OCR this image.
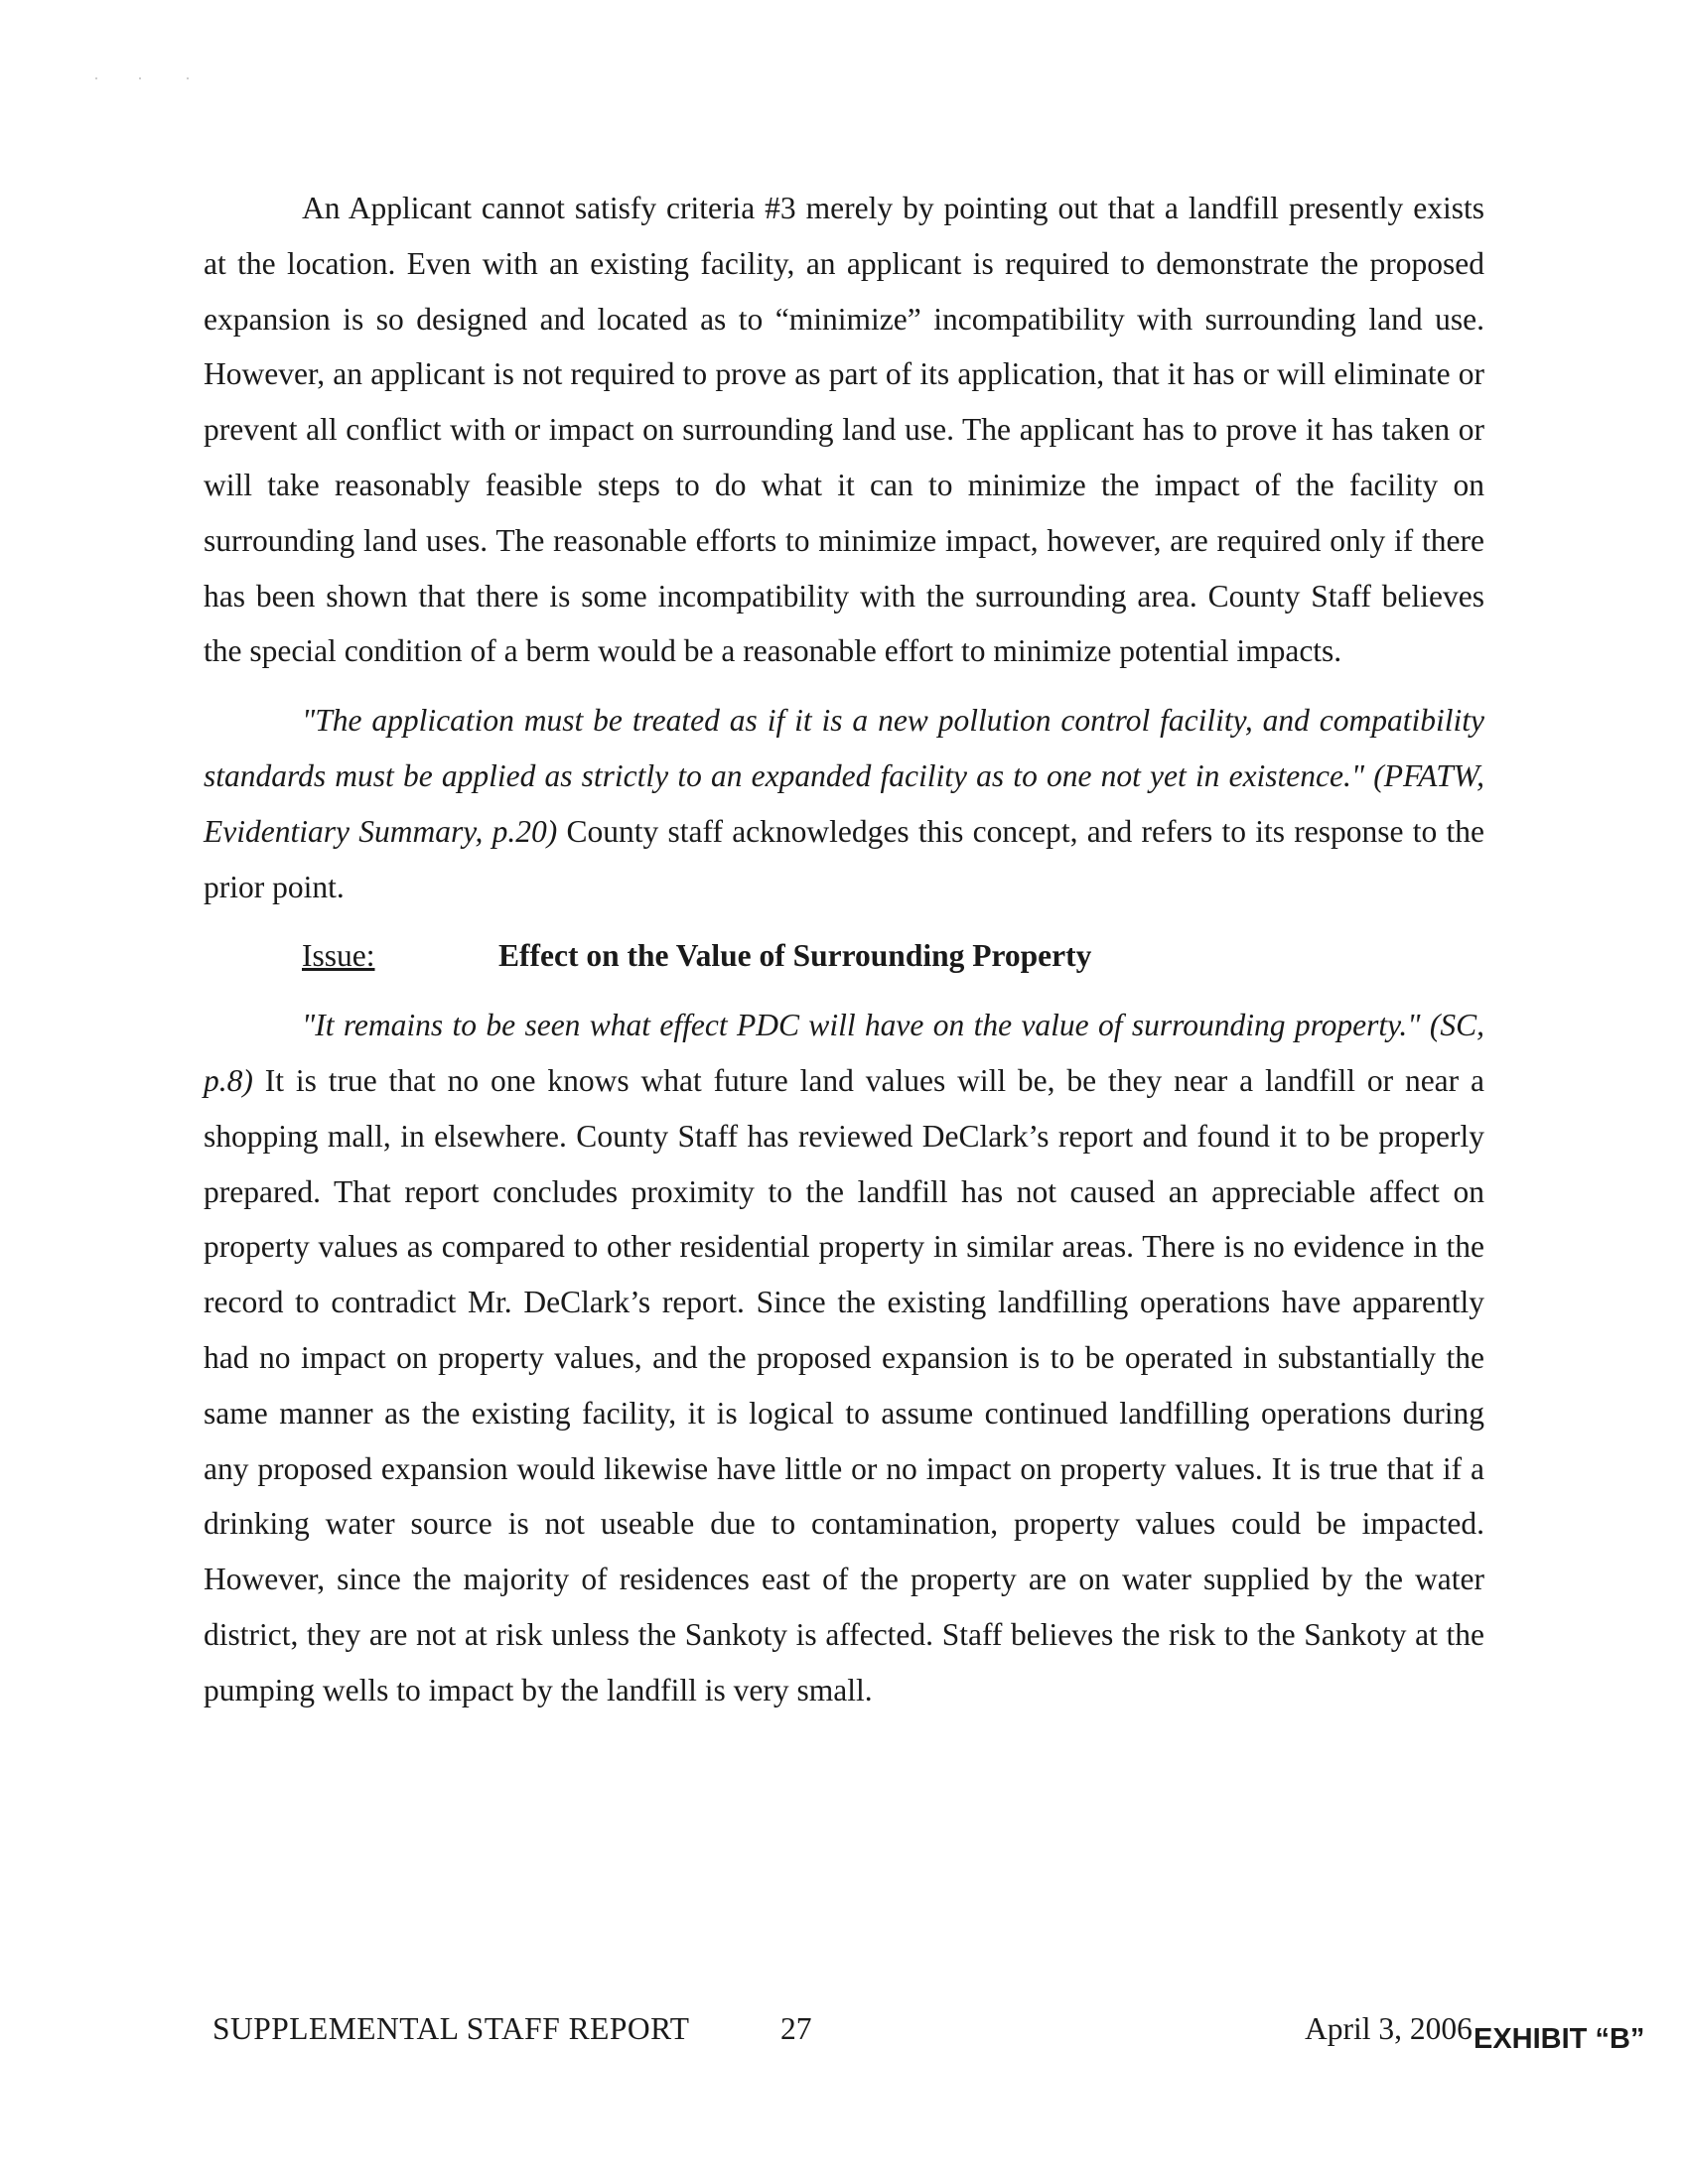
An Applicant cannot satisfy criteria #3 merely by pointing out that a landfill presently exists at the location. Even with an existing facility, an applicant is required to demonstrate the proposed expansion is so designed and located as to “minimize” incompatibility with surrounding land use. However, an applicant is not required to prove as part of its application, that it has or will eliminate or prevent all conflict with or impact on surrounding land use. The applicant has to prove it has taken or will take reasonably feasible steps to do what it can to minimize the impact of the facility on surrounding land uses. The reasonable efforts to minimize impact, however, are required only if there has been shown that there is some incompatibility with the surrounding area. County Staff believes the special condition of a berm would be a reasonable effort to minimize potential impacts.

"The application must be treated as if it is a new pollution control facility, and compatibility standards must be applied as strictly to an expanded facility as to one not yet in existence." (PFATW, Evidentiary Summary, p.20) County staff acknowledges this concept, and refers to its response to the prior point.

Issue:	Effect on the Value of Surrounding Property

"It remains to be seen what effect PDC will have on the value of surrounding property." (SC, p.8) It is true that no one knows what future land values will be, be they near a landfill or near a shopping mall, in elsewhere. County Staff has reviewed DeClark’s report and found it to be properly prepared. That report concludes proximity to the landfill has not caused an appreciable affect on property values as compared to other residential property in similar areas. There is no evidence in the record to contradict Mr. DeClark’s report. Since the existing landfilling operations have apparently had no impact on property values, and the proposed expansion is to be operated in substantially the same manner as the existing facility, it is logical to assume continued landfilling operations during any proposed expansion would likewise have little or no impact on property values. It is true that if a drinking water source is not useable due to contamination, property values could be impacted. However, since the majority of residences east of the property are on water supplied by the water district, they are not at risk unless the Sankoty is affected. Staff believes the risk to the Sankoty at the pumping wells to impact by the landfill is very small.

SUPPLEMENTAL STAFF REPORT	27	April 3, 2006 EXHIBIT “B”
